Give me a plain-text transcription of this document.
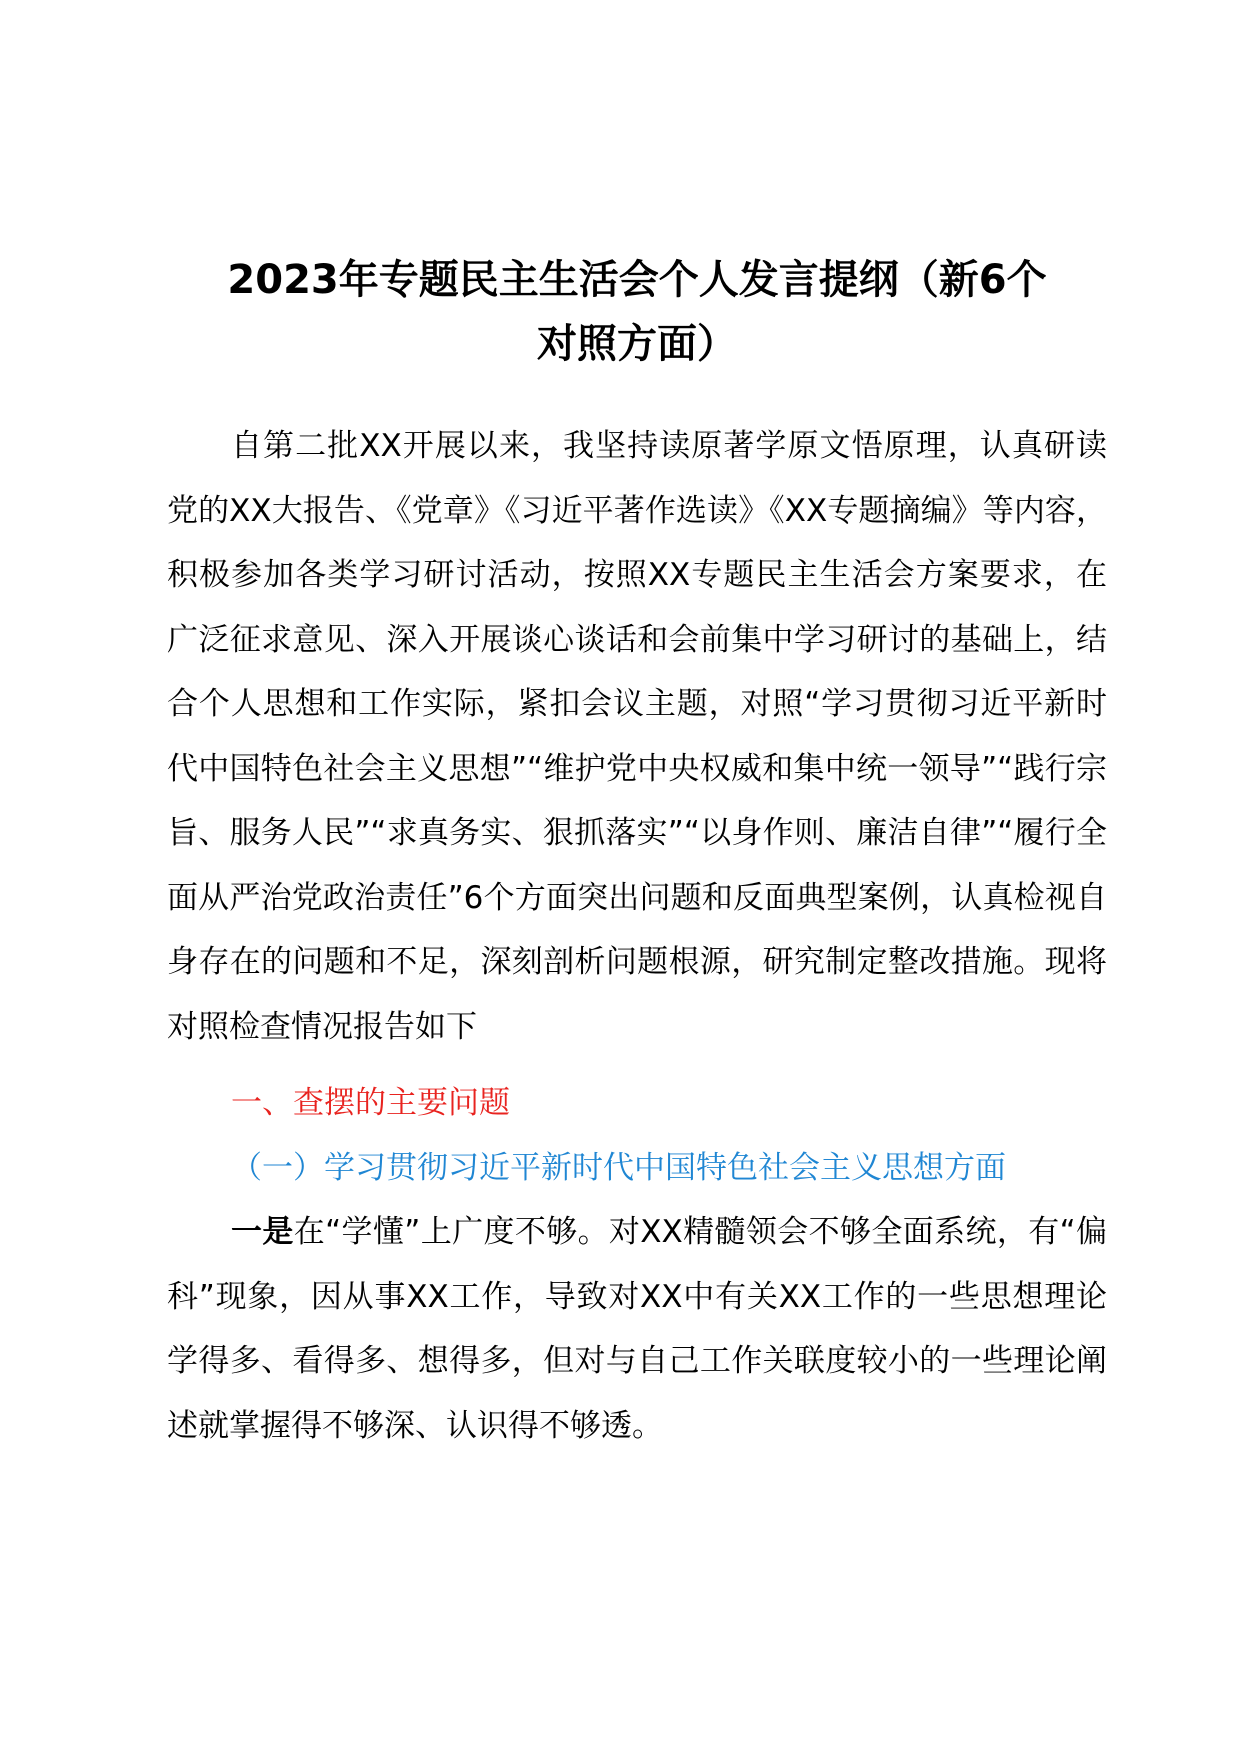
2023年专题民主生活会个人发言提纲（新6个
对照方面）

自第二批XX开展以来，我坚持读原著学原文悟原理，认真研读党的XX大报告、《党章》《习近平著作选读》《XX专题摘编》等内容，积极参加各类学习研讨活动，按照XX专题民主生活会方案要求，在广泛征求意见、深入开展谈心谈话和会前集中学习研讨的基础上，结合个人思想和工作实际，紧扣会议主题，对照“学习贯彻习近平新时代中国特色社会主义思想”“维护党中央权威和集中统一领导”“践行宗旨、服务人民”“求真务实、狠抓落实”“以身作则、廉洁自律”“履行全面从严治党政治责任”6个方面突出问题和反面典型案例，认真检视自身存在的问题和不足，深刻剖析问题根源，研究制定整改措施。现将对照检查情况报告如下

一、查摆的主要问题

（一）学习贯彻习近平新时代中国特色社会主义思想方面

一是在“学懂”上广度不够。对XX精髓领会不够全面系统，有“偏科”现象，因从事XX工作，导致对XX中有关XX工作的一些思想理论学得多、看得多、想得多，但对与自己工作关联度较小的一些理论阐述就掌握得不够深、认识得不够透。
